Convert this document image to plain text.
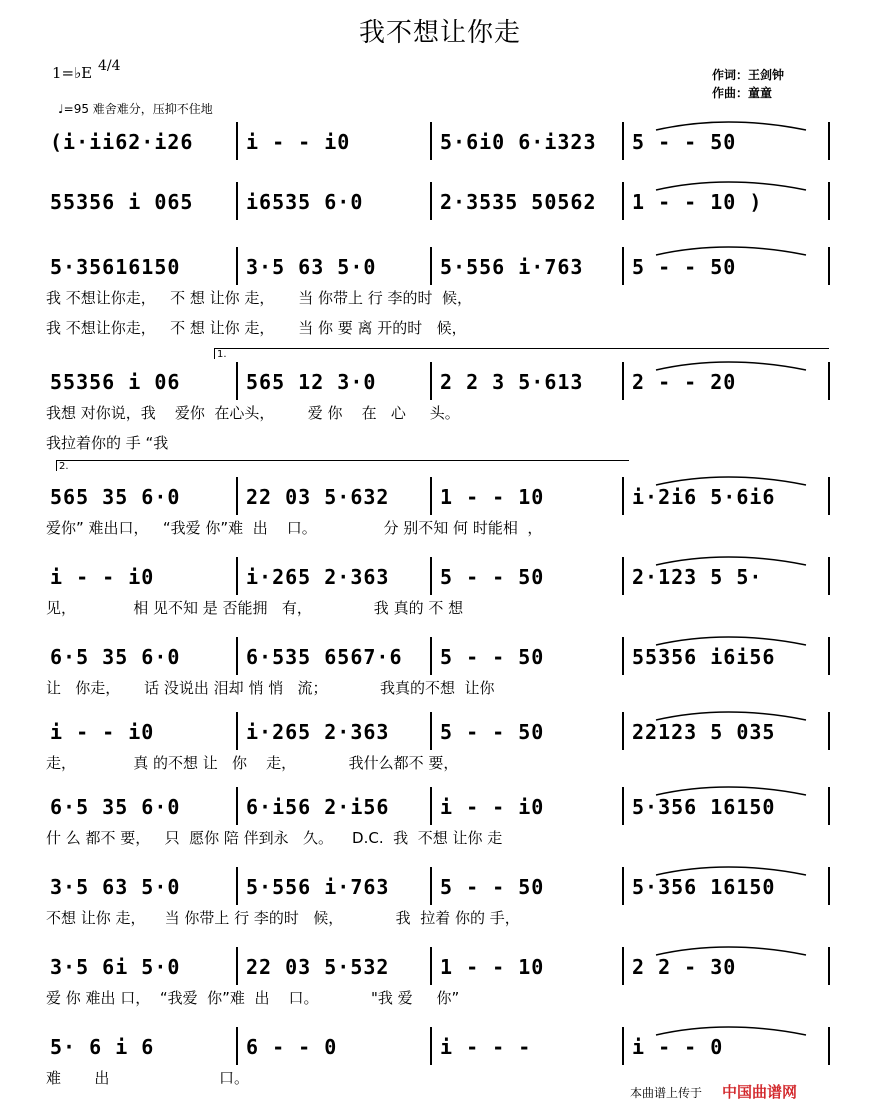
我不想让你走
作词：王剑钟
作曲：童童
1=♭E 4/4
♩=95 难舍难分，压抑不住地
(i·ii62·i26	i - - i0	5·6i0 6·i323 5 - - 50
55356 i 065	i6535 6·0	2·3535 50562 1 - - 10 )
5·35616150	3·5 63 5·0	5·556 i·763 5 - - 50
我 不想让你走，   不 想 让你 走，     当 你带上 行 李的时  候，
我 不想让你走，   不 想 让你 走，     当 你 要 离 开的时   候，
55356 i 06	565 12 3·0	2 2 3 5·613 2 - - 20
我想 对你说，我    爱你  在心头，       爱 你    在   心     头。
我拉着你的 手 “我
565 35 6·0	22 03 5·632	1 - - 10	i·2i6 5·6i6
爱你” 难出口，   “我爱 你”难  出    口。              分 别不知 何 时能相  ，
i - - i0	i·265 2·363	5 - - 50	2·123 5 5·
见，            相 见不知 是 否能拥   有，             我 真的 不 想
6·5 35 6·0	6·535 6567·6 5 - - 50	55356 i6i56
让   你走，     话 没说出 泪却 悄 悄   流；           我真的不想  让你
i - - i0	i·265 2·363	5 - - 50	22123 5 035
走，            真 的不想 让   你    走，           我什么都不 要，
6·5 35 6·0	6·i56 2·i56	i - - i0	5·356 16150
什 么 都不 要，   只  愿你 陪 伴到永   久。    D.C.  我  不想 让你 走
3·5 63 5·0	5·556 i·763	5 - - 50	5·356 16150
不想 让你 走，    当 你带上 行 李的时   候，           我  拉着 你的 手，
3·5 6i 5·0	22 03 5·532	1 - - 10	2 2 - 30
爱 你 难出 口，  “我爱  你”难  出    口。           "我 爱     你”
5· 6 i 6	6 - - 0	i - - -	i - - 0
难       出                       口。
1.
2.
本曲谱上传于 中国曲谱网
